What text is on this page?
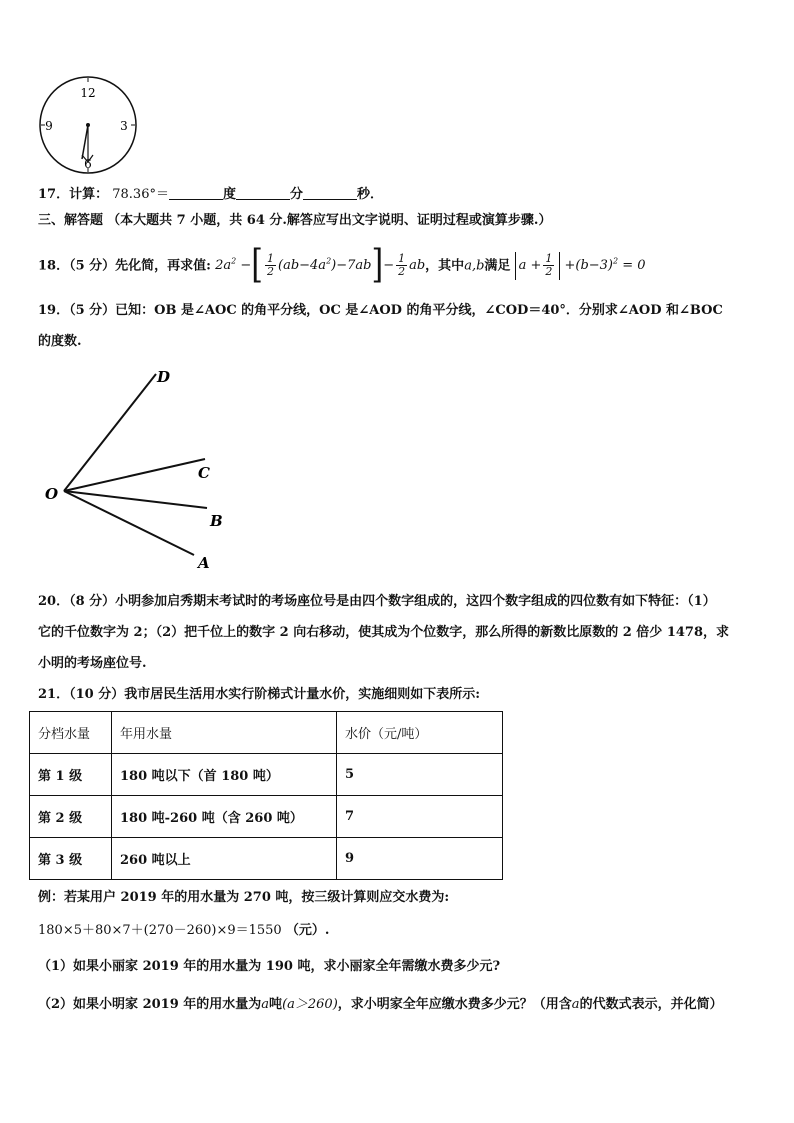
12
3
9
6
17．计算： 78.36°＝	度	分	秒．
三、解答题 （本大题共 7 小题，共 64 分.解答应写出文字说明、证明过程或演算步骤.）
18．（5 分）先化简，再求值: $2a^2$ −[ $\frac{1}{2} (ab-4a^2)-7ab]- \frac{1}{2}$ ab，其中a,b满足 $a + \frac{1}{2} +(b-3)^2 = 0$
19．（5 分）已知：OB 是∠AOC 的角平分线，OC 是∠AOD 的角平分线，∠COD＝40°．分别求∠AOD 和∠BOC
的度数.
O
D
C
B
A
20．（8 分）小明参加启秀期末考试时的考场座位号是由四个数字组成的，这四个数字组成的四位数有如下特征：（1）
它的千位数字为 2；（2）把千位上的数字 2 向右移动，使其成为个位数字，那么所得的新数比原数的 2 倍少 1478，求
小明的考场座位号.
21．（10 分）我市居民生活用水实行阶梯式计量水价，实施细则如下表所示:
分档水量	年用水量	水价（元/吨）
第 1 级	180 吨以下（首 180 吨）	5
第 2 级	180 吨-260 吨（含 260 吨）	7
第 3 级	260 吨以上	9
例：若某用户 2019 年的用水量为 270 吨，按三级计算则应交水费为:
180×5＋80×7＋(270－260)×9＝1550 （元）.
（1）如果小丽家 2019 年的用水量为 190 吨，求小丽家全年需缴水费多少元?
（2）如果小明家 2019 年的用水量为a吨(a＞260)，求小明家全年应缴水费多少元？（用含a的代数式表示，并化简）
